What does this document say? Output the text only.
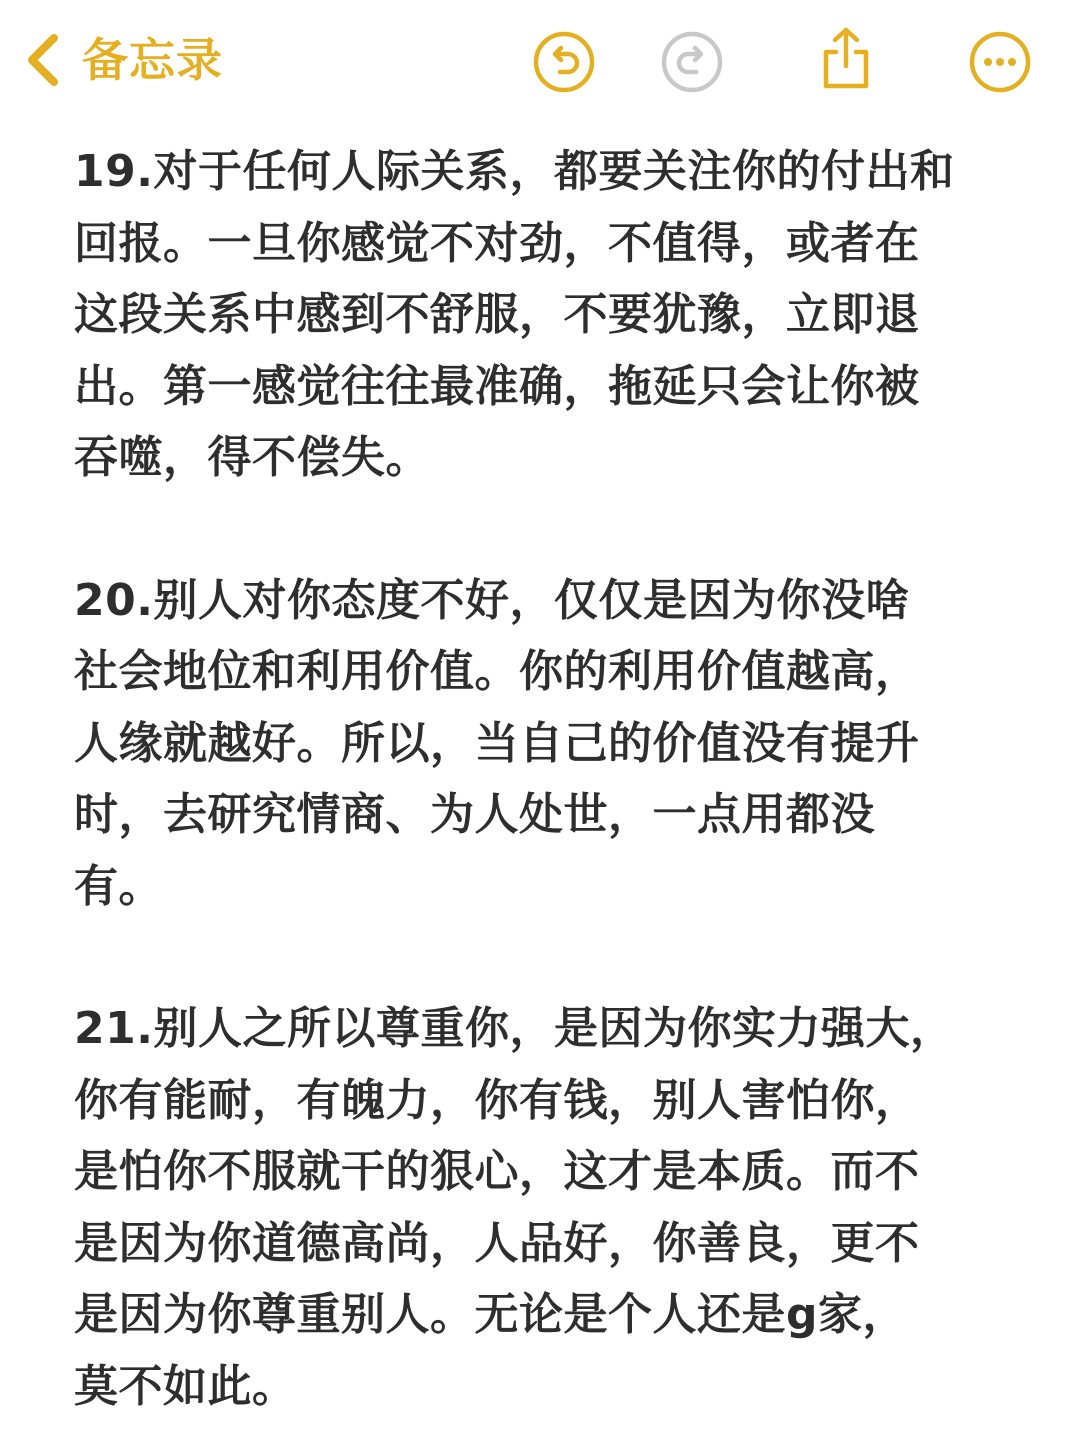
备忘录

19.对于任何人际关系，都要关注你的付出和
回报。一旦你感觉不对劲，不值得，或者在
这段关系中感到不舒服，不要犹豫，立即退
出。第一感觉往往最准确，拖延只会让你被
吞噬，得不偿失。

20.别人对你态度不好，仅仅是因为你没啥
社会地位和利用价值。你的利用价值越高，
人缘就越好。所以，当自己的价值没有提升
时，去研究情商、为人处世，一点用都没
有。

21.别人之所以尊重你，是因为你实力强大，
你有能耐，有魄力，你有钱，别人害怕你，
是怕你不服就干的狠心，这才是本质。而不
是因为你道德高尚，人品好，你善良，更不
是因为你尊重别人。无论是个人还是g家，
莫不如此。
